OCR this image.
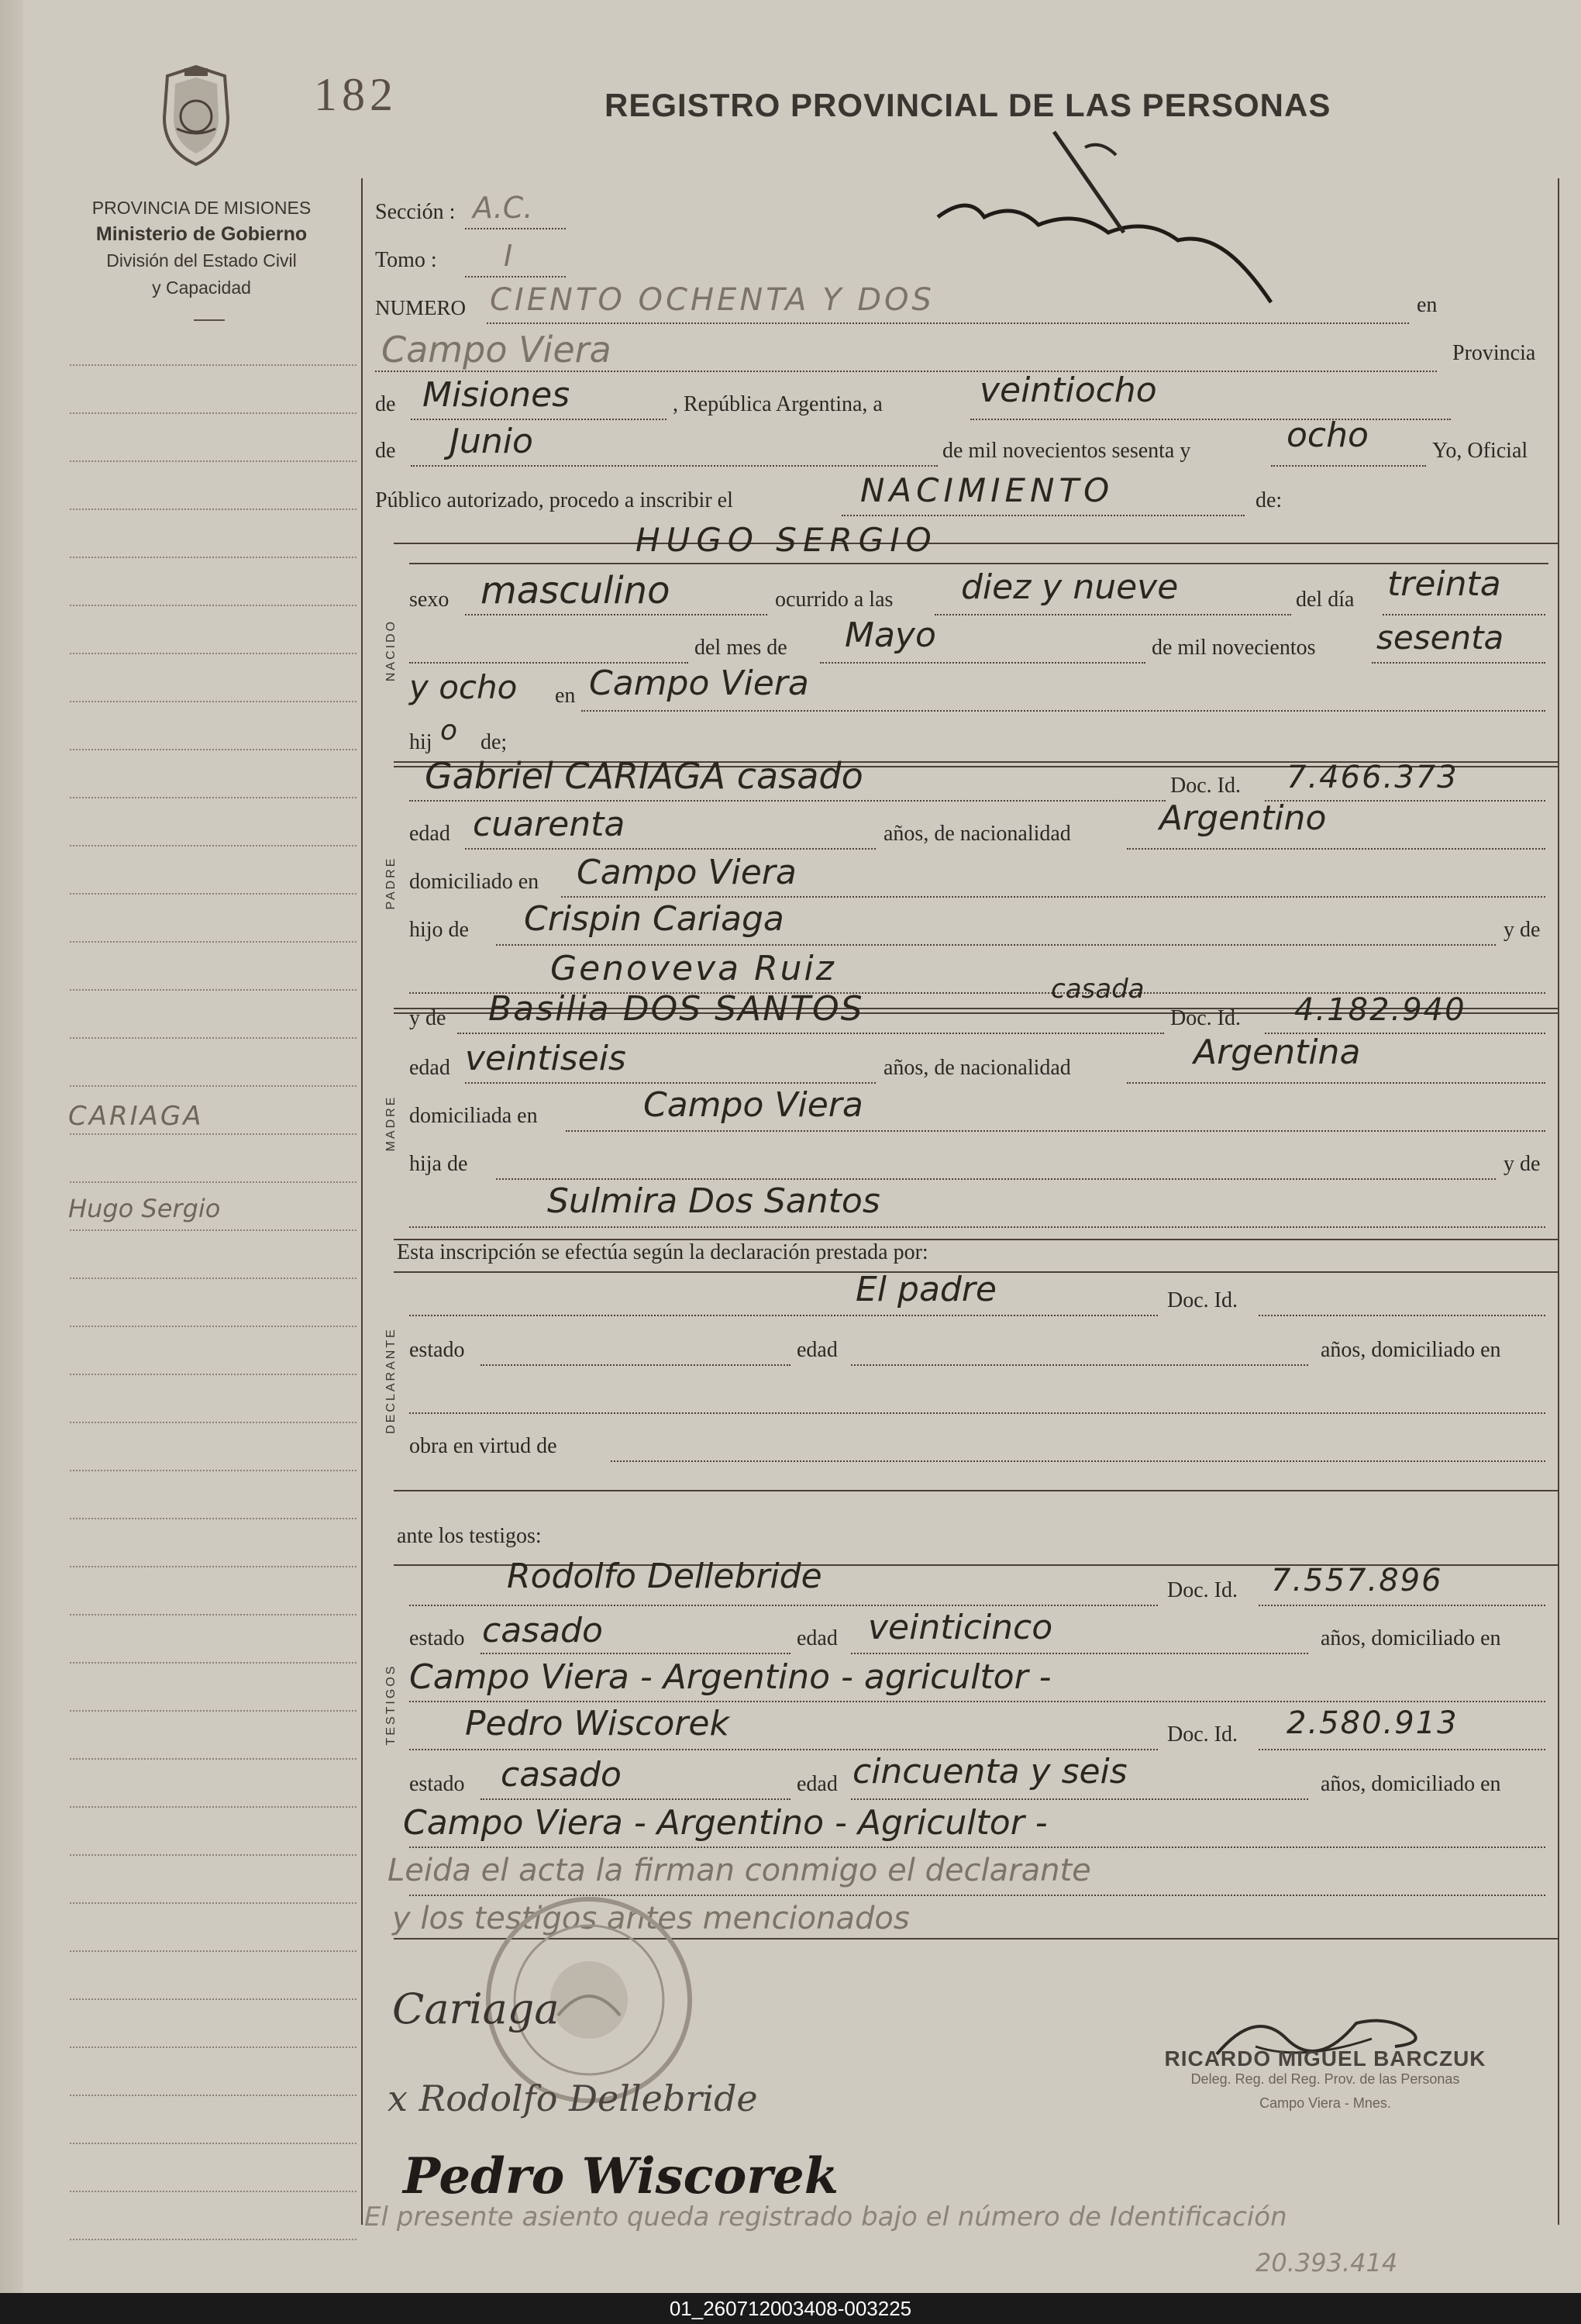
182	REGISTRO PROVINCIAL DE LAS PERSONAS
PROVINCIA DE MISIONES
Ministerio de Gobierno
División del Estado Civil
y Capacidad
CARIAGA
Hugo Sergio
NACIDO
PADRE
MADRE
DECLARANTE
TESTIGOS
Sección : A.C.
Tomo : I
NUMERO CIENTO OCHENTA Y DOS	en
Campo Viera	Provincia
de Misiones	, República Argentina, a	veintiocho
de Junio	de mil novecientos sesenta y	ocho	Yo, Oficial
Público autorizado, procedo a inscribir el	NACIMIENTO	de:
HUGO SERGIO
sexo masculino	ocurrido a las diez y nueve	del día treinta
del mes de Mayo	de mil novecientos sesenta
y ocho en Campo Viera
hij o de;
Gabriel CARIAGA casado	Doc. Id. 7.466.373
edad cuarenta	años, de nacionalidad	Argentino
domiciliado en Campo Viera
hijo de Crispin Cariaga	y de
Genoveva Ruiz
y de Basilia DOS SANTOS	casada
Doc. Id. 4.182.940
edad veintiseis	años, de nacionalidad	Argentina
domiciliada en	Campo Viera
hija de	y de
Sulmira Dos Santos
Esta inscripción se efectúa según la declaración prestada por:
El padre	Doc. Id.
estado	edad	años, domiciliado en
obra en virtud de
ante los testigos:
Rodolfo Dellebride	Doc. Id. 7.557.896
estado casado	edad veinticinco	años, domiciliado en
Campo Viera - Argentino - agricultor -
Pedro Wiscorek	Doc. Id. 2.580.913
estado casado	edad cincuenta y seis	años, domiciliado en
Campo Viera - Argentino - Agricultor -
Leida el acta la firman conmigo el declarante
y los testigos antes mencionados
Cariaga
x Rodolfo Dellebride
Pedro Wiscorek
RICARDO MIGUEL BARCZUK
Deleg. Reg. del Reg. Prov. de las Personas
Campo Viera - Mnes.
El presente asiento queda registrado bajo el número de Identificación
20.393.414
01_260712003408-003225
